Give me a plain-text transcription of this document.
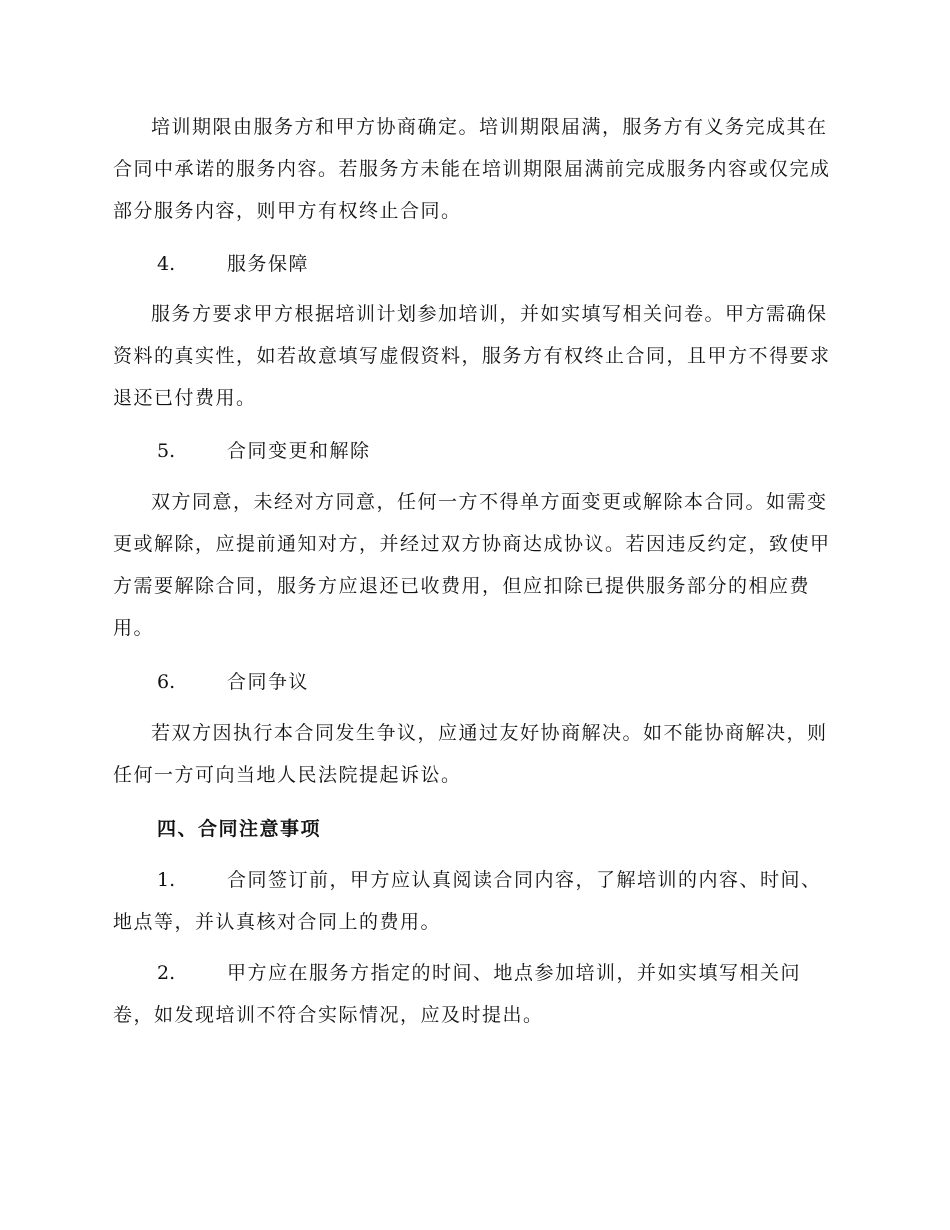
培训期限由服务方和甲方协商确定。培训期限届满，服务方有义务完成其在合同中承诺的服务内容。若服务方未能在培训期限届满前完成服务内容或仅完成部分服务内容，则甲方有权终止合同。

4.	服务保障

服务方要求甲方根据培训计划参加培训，并如实填写相关问卷。甲方需确保资料的真实性，如若故意填写虚假资料，服务方有权终止合同，且甲方不得要求退还已付费用。

5.	合同变更和解除

双方同意，未经对方同意，任何一方不得单方面变更或解除本合同。如需变更或解除，应提前通知对方，并经过双方协商达成协议。若因违反约定，致使甲方需要解除合同，服务方应退还已收费用，但应扣除已提供服务部分的相应费用。

6.	合同争议

若双方因执行本合同发生争议，应通过友好协商解决。如不能协商解决，则任何一方可向当地人民法院提起诉讼。

四、合同注意事项

1.	合同签订前，甲方应认真阅读合同内容，了解培训的内容、时间、地点等，并认真核对合同上的费用。

2.	甲方应在服务方指定的时间、地点参加培训，并如实填写相关问卷，如发现培训不符合实际情况，应及时提出。
